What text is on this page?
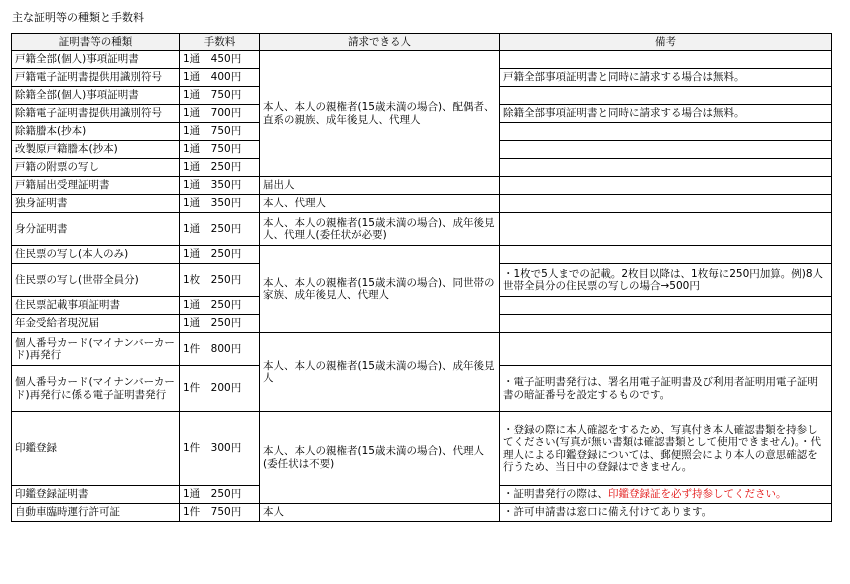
主な証明等の種類と手数料
証明書等の種類	手数料	請求できる人	備考
戸籍全部(個人)事項証明書	1通　450円	本人、本人の親権者(15歳未満の場合)、配偶者、直系の親族、成年後見人、代理人	
戸籍電子証明書提供用識別符号	1通　400円		戸籍全部事項証明書と同時に請求する場合は無料。
除籍全部(個人)事項証明書	1通　750円		
除籍電子証明書提供用識別符号	1通　700円		除籍全部事項証明書と同時に請求する場合は無料。
除籍謄本(抄本)	1通　750円		
改製原戸籍謄本(抄本)	1通　750円		
戸籍の附票の写し	1通　250円		
戸籍届出受理証明書	1通　350円	届出人	
独身証明書	1通　350円	本人、代理人	
身分証明書	1通　250円	本人、本人の親権者(15歳未満の場合)、成年後見人、代理人(委任状が必要)	
住民票の写し(本人のみ)	1通　250円	本人、本人の親権者(15歳未満の場合)、同世帯の家族、成年後見人、代理人	
住民票の写し(世帯全員分)	1枚　250円		・1枚で5人までの記載。2枚目以降は、1枚毎に250円加算。例)8人世帯全員分の住民票の写しの場合→500円
住民票記載事項証明書	1通　250円		
年金受給者現況届	1通　250円		
個人番号カード(マイナンバーカード)再発行	1件　800円	本人、本人の親権者(15歳未満の場合)、成年後見人	
個人番号カード(マイナンバーカード)再発行に係る電子証明書発行	1件　200円		・電子証明書発行は、署名用電子証明書及び利用者証明用電子証明書の暗証番号を設定するものです。
印鑑登録	1件　300円	本人、本人の親権者(15歳未満の場合)、代理人(委任状は不要)	・登録の際に本人確認をするため、写真付き本人確認書類を持参してください(写真が無い書類は確認書類として使用できません)。・代理人による印鑑登録については、郵便照会により本人の意思確認を行うため、当日中の登録はできません。
印鑑登録証明書	1通　250円		・証明書発行の際は、印鑑登録証を必ず持参してください。
自動車臨時運行許可証	1件　750円	本人	・許可申請書は窓口に備え付けてあります。
